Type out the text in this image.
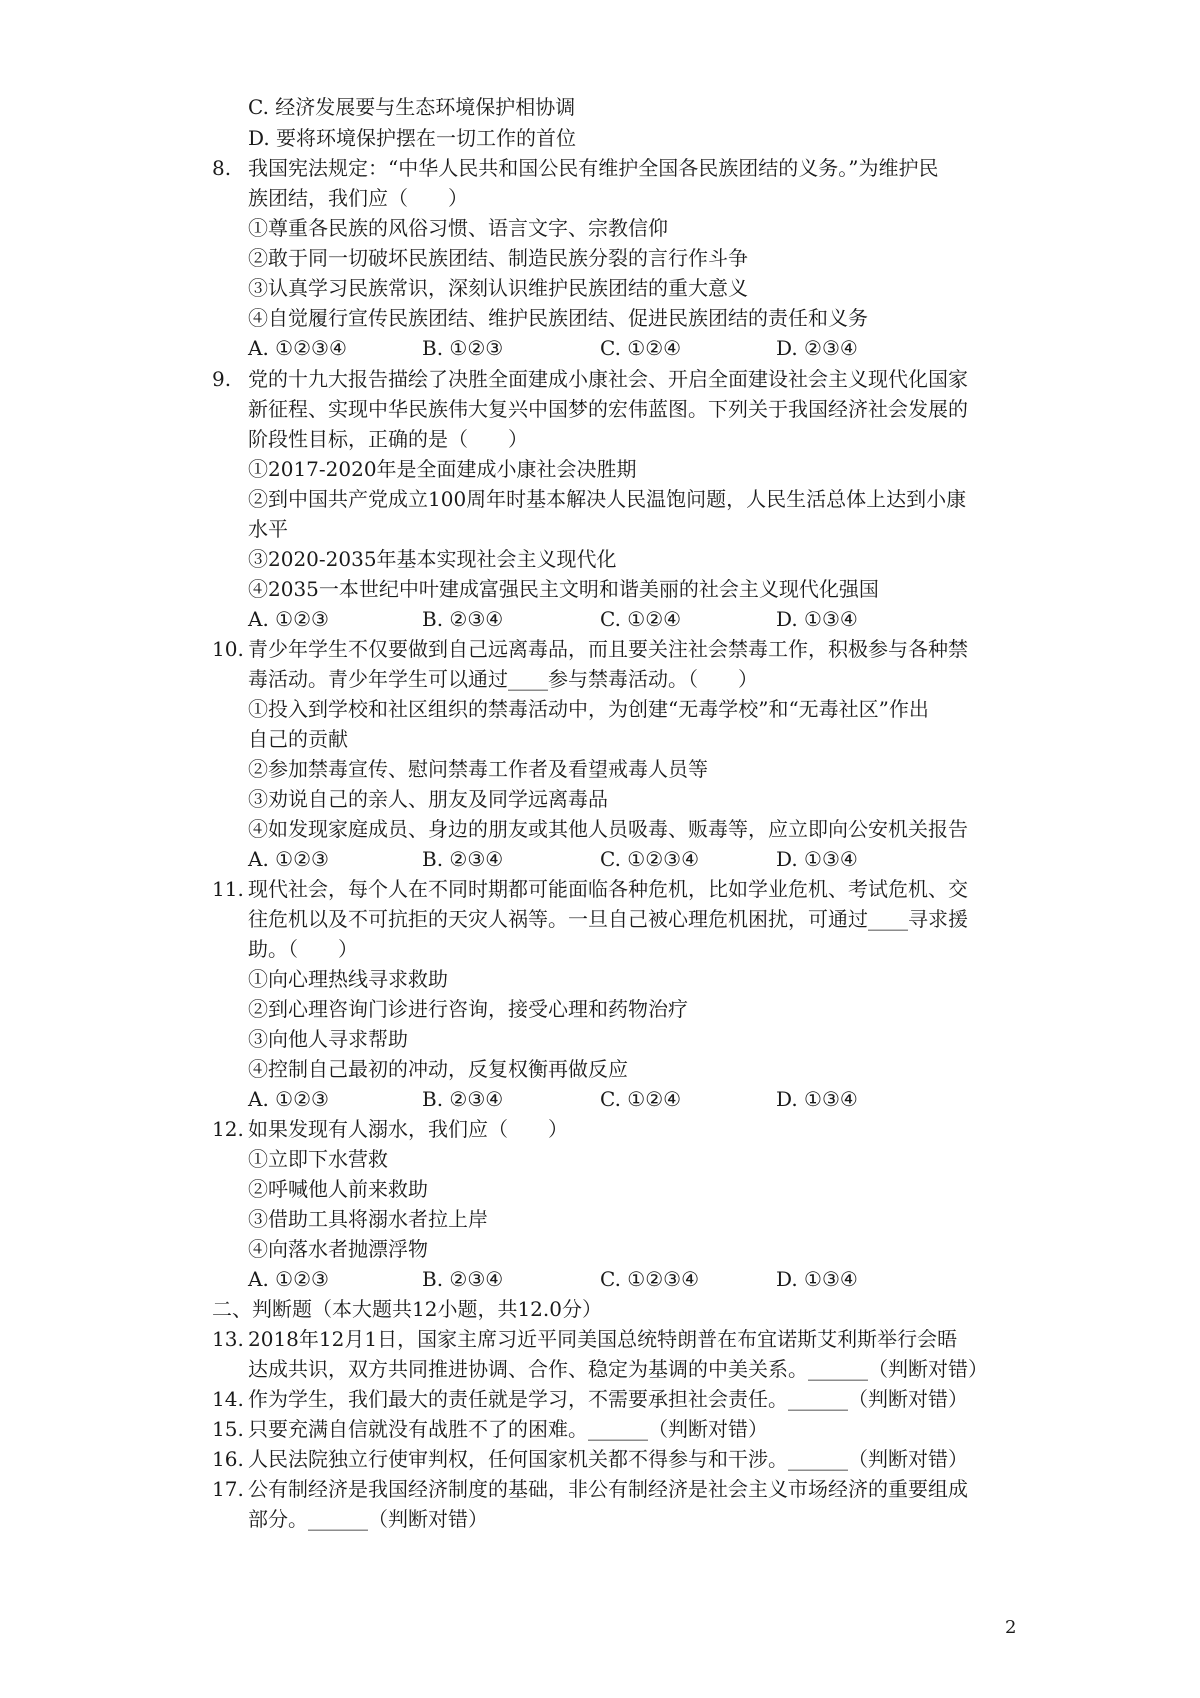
C. 经济发展要与生态环境保护相协调
D. 要将环境保护摆在一切工作的首位
8. 我国宪法规定：“中华人民共和国公民有维护全国各民族团结的义务。”为维护民
族团结，我们应（　　）
①尊重各民族的风俗习惯、语言文字、宗教信仰
②敢于同一切破坏民族团结、制造民族分裂的言行作斗争
③认真学习民族常识，深刻认识维护民族团结的重大意义
④自觉履行宣传民族团结、维护民族团结、促进民族团结的责任和义务
A. ①②③④	B. ①②③	C. ①②④	D. ②③④
9. 党的十九大报告描绘了决胜全面建成小康社会、开启全面建设社会主义现代化国家
新征程、实现中华民族伟大复兴中国梦的宏伟蓝图。下列关于我国经济社会发展的
阶段性目标，正确的是（　　）
①2017-2020年是全面建成小康社会决胜期
②到中国共产党成立100周年时基本解决人民温饱问题，人民生活总体上达到小康
水平
③2020-2035年基本实现社会主义现代化
④2035一本世纪中叶建成富强民主文明和谐美丽的社会主义现代化强国
A. ①②③	B. ②③④	C. ①②④	D. ①③④
10. 青少年学生不仅要做到自己远离毒品，而且要关注社会禁毒工作，积极参与各种禁
毒活动。青少年学生可以通过____参与禁毒活动。（　　）
①投入到学校和社区组织的禁毒活动中，为创建“无毒学校”和“无毒社区”作出
自己的贡献
②参加禁毒宣传、慰问禁毒工作者及看望戒毒人员等
③劝说自己的亲人、朋友及同学远离毒品
④如发现家庭成员、身边的朋友或其他人员吸毒、贩毒等，应立即向公安机关报告
A. ①②③	B. ②③④	C. ①②③④	D. ①③④
11. 现代社会，每个人在不同时期都可能面临各种危机，比如学业危机、考试危机、交
往危机以及不可抗拒的天灾人祸等。一旦自己被心理危机困扰，可通过____寻求援
助。（　　）
①向心理热线寻求救助
②到心理咨询门诊进行咨询，接受心理和药物治疗
③向他人寻求帮助
④控制自己最初的冲动，反复权衡再做反应
A. ①②③	B. ②③④	C. ①②④	D. ①③④
12. 如果发现有人溺水，我们应（　　）
①立即下水营救
②呼喊他人前来救助
③借助工具将溺水者拉上岸
④向落水者抛漂浮物
A. ①②③	B. ②③④	C. ①②③④	D. ①③④
二、判断题（本大题共12小题，共12.0分）
13. 2018年12月1日，国家主席习近平同美国总统特朗普在布宜诺斯艾利斯举行会晤
达成共识，双方共同推进协调、合作、稳定为基调的中美关系。______（判断对错）
14. 作为学生，我们最大的责任就是学习，不需要承担社会责任。______（判断对错）
15. 只要充满自信就没有战胜不了的困难。______（判断对错）
16. 人民法院独立行使审判权，任何国家机关都不得参与和干涉。______（判断对错）
17. 公有制经济是我国经济制度的基础，非公有制经济是社会主义市场经济的重要组成
部分。______（判断对错）
2
